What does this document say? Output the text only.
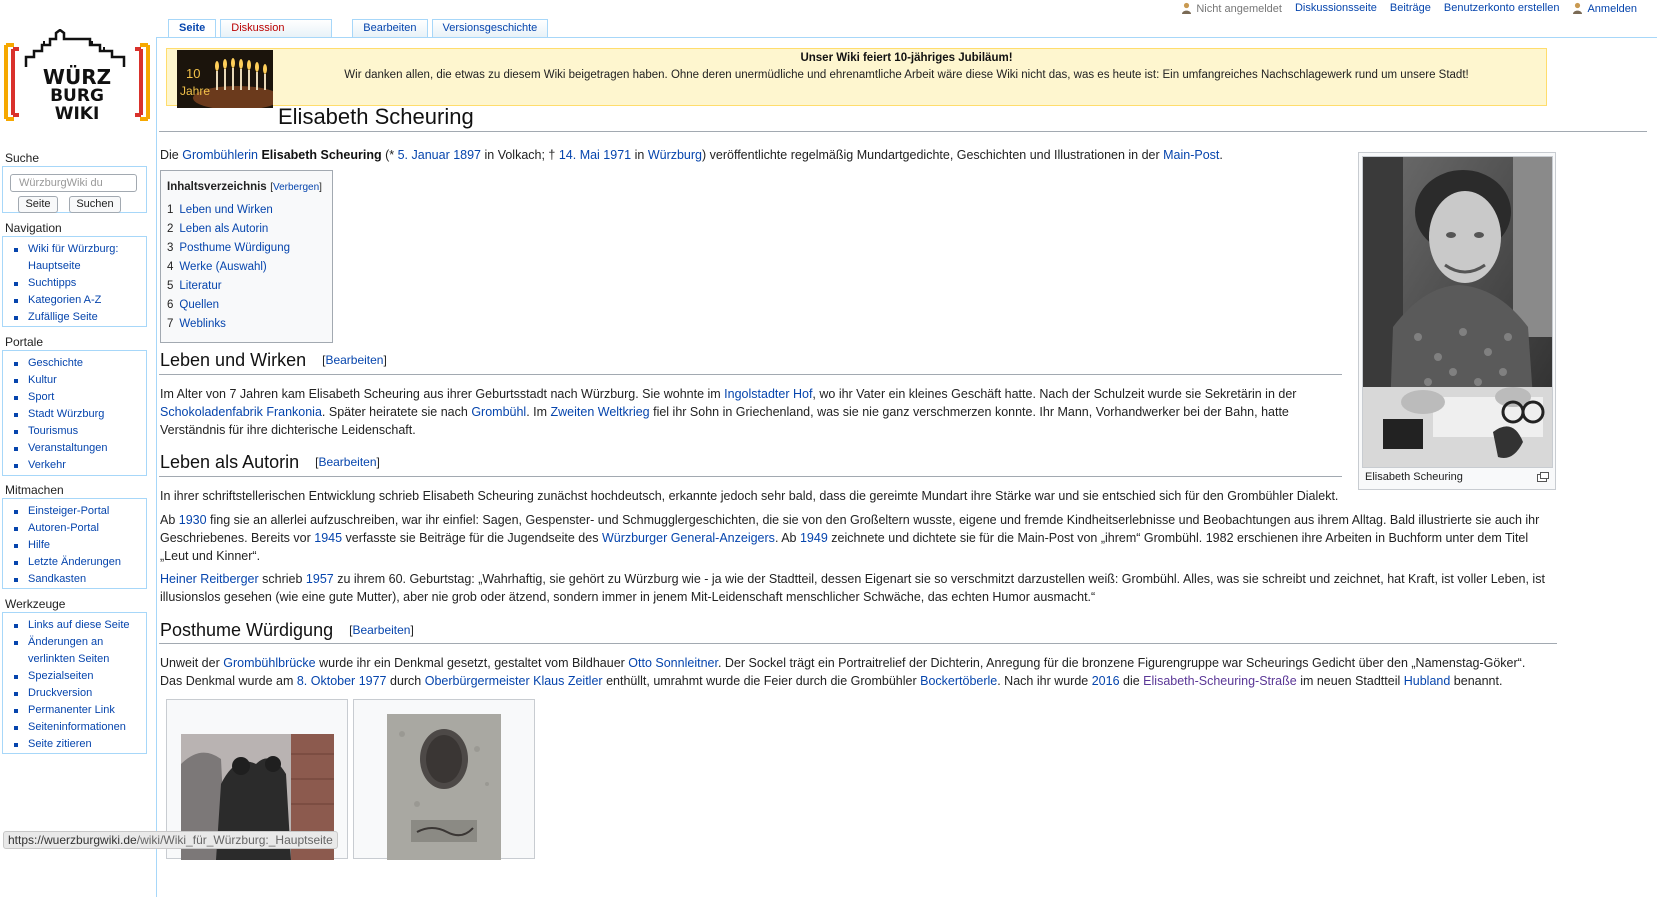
Nicht angemeldet Diskussionsseite Beiträge Benutzerkonto erstellen	Anmelden
Seite	Diskussion	Bearbeiten	Versionsgeschichte
WÜRZ
BURG
WIKI
Suche
WürzburgWiki du
Seite	Suchen
Navigation
Wiki für Würzburg: Hauptseite
Suchtipps
Kategorien A-Z
Zufällige Seite
Portale
Geschichte
Kultur
Sport
Stadt Würzburg
Tourismus
Veranstaltungen
Verkehr
Mitmachen
Einsteiger-Portal
Autoren-Portal
Hilfe
Letzte Änderungen
Sandkasten
Werkzeuge
Links auf diese Seite
Änderungen an verlinkten Seiten
Spezialseiten
Druckversion
Permanenter Link
Seiteninformationen
Seite zitieren
10
Jahre
Unser Wiki feiert 10-jähriges Jubiläum!
Wir danken allen, die etwas zu diesem Wiki beigetragen haben. Ohne deren unermüdliche und ehrenamtliche Arbeit wäre diese Wiki nicht das, was es heute ist: Ein umfangreiches Nachschlagewerk rund um unsere Stadt!
Elisabeth Scheuring
Die Grombühlerin Elisabeth Scheuring (* 5. Januar 1897 in Volkach; † 14. Mai 1971 in Würzburg) veröffentlichte regelmäßig Mundartgedichte, Geschichten und Illustrationen in der Main-Post.
Inhaltsverzeichnis [Verbergen]
1 Leben und Wirken
2 Leben als Autorin
3 Posthume Würdigung
4 Werke (Auswahl)
5 Literatur
6 Quellen
7 Weblinks
Elisabeth Scheuring
Leben und Wirken [Bearbeiten]
Im Alter von 7 Jahren kam Elisabeth Scheuring aus ihrer Geburtsstadt nach Würzburg. Sie wohnte im Ingolstadter Hof, wo ihr Vater ein kleines Geschäft hatte. Nach der Schulzeit wurde sie Sekretärin in der Schokoladenfabrik Frankonia. Später heiratete sie nach Grombühl. Im Zweiten Weltkrieg fiel ihr Sohn in Griechenland, was sie nie ganz verschmerzen konnte. Ihr Mann, Vorhandwerker bei der Bahn, hatte Verständnis für ihre dichterische Leidenschaft.
Leben als Autorin [Bearbeiten]
In ihrer schriftstellerischen Entwicklung schrieb Elisabeth Scheuring zunächst hochdeutsch, erkannte jedoch sehr bald, dass die gereimte Mundart ihre Stärke war und sie entschied sich für den Grombühler Dialekt.
Ab 1930 fing sie an allerlei aufzuschreiben, war ihr einfiel: Sagen, Gespenster- und Schmugglergeschichten, die sie von den Großeltern wusste, eigene und fremde Kindheitserlebnisse und Beobachtungen aus ihrem Alltag. Bald illustrierte sie auch ihr Geschriebenes. Bereits vor 1945 verfasste sie Beiträge für die Jugendseite des Würzburger General-Anzeigers. Ab 1949 zeichnete und dichtete sie für die Main-Post von „ihrem“ Grombühl. 1982 erschienen ihre Arbeiten in Buchform unter dem Titel „Leut und Kinner“.
Heiner Reitberger schrieb 1957 zu ihrem 60. Geburtstag: „Wahrhaftig, sie gehört zu Würzburg wie - ja wie der Stadtteil, dessen Eigenart sie so verschmitzt darzustellen weiß: Grombühl. Alles, was sie schreibt und zeichnet, hat Kraft, ist voller Leben, ist illusionslos gesehen (wie eine gute Mutter), aber nie grob oder ätzend, sondern immer in jenem Mit-Leidenschaft menschlicher Schwäche, das echten Humor ausmacht.“
Posthume Würdigung [Bearbeiten]
Unweit der Grombühlbrücke wurde ihr ein Denkmal gesetzt, gestaltet vom Bildhauer Otto Sonnleitner. Der Sockel trägt ein Portraitrelief der Dichterin, Anregung für die bronzene Figurengruppe war Scheurings Gedicht über den „Namenstag-Göker“. Das Denkmal wurde am 8. Oktober 1977 durch Oberbürgermeister Klaus Zeitler enthüllt, umrahmt wurde die Feier durch die Grombühler Bockertöberle. Nach ihr wurde 2016 die Elisabeth-Scheuring-Straße im neuen Stadtteil Hubland benannt.
https://wuerzburgwiki.de/wiki/Wiki_für_Würzburg:_Hauptseite
